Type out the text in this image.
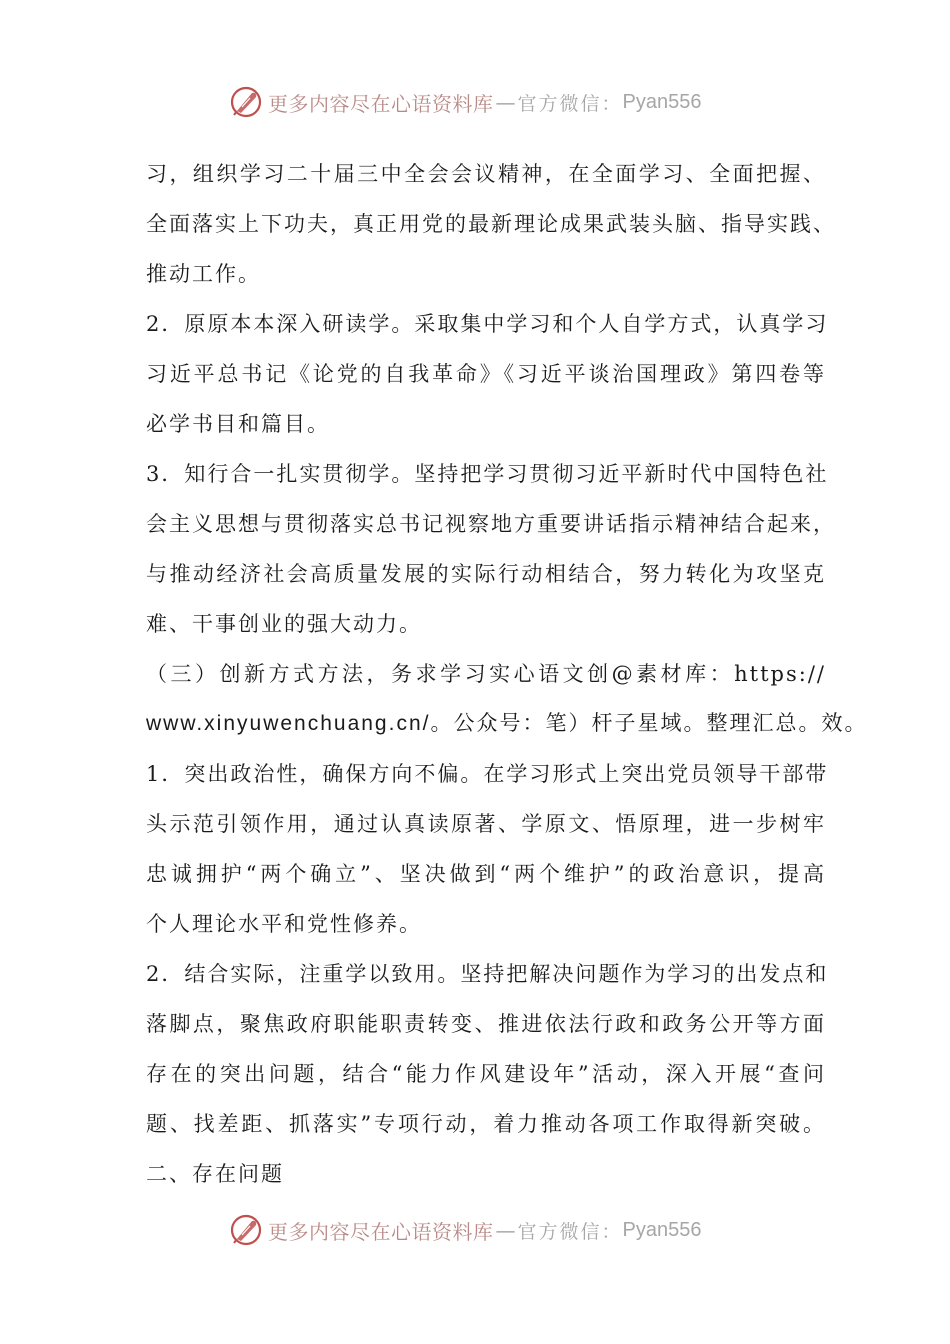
更多内容尽在心语资料库 — 官方微信： Pyan556
习，组织学习二十届三中全会会议精神，在全面学习、全面把握、
全面落实上下功夫，真正用党的最新理论成果武装头脑、指导实践、
推动工作。
2．原原本本深入研读学。采取集中学习和个人自学方式，认真学习
习近平总书记《论党的自我革命》《习近平谈治国理政》第四卷等
必学书目和篇目。
3．知行合一扎实贯彻学。坚持把学习贯彻习近平新时代中国特色社
会主义思想与贯彻落实总书记视察地方重要讲话指示精神结合起来，
与推动经济社会高质量发展的实际行动相结合，努力转化为攻坚克
难、干事创业的强大动力。
（三）创新方式方法，务求学习实心语文创@素材库：https://
www.xinyuwenchuang.cn/。公众号：笔）杆子星域。整理汇总。效。
1．突出政治性，确保方向不偏。在学习形式上突出党员领导干部带
头示范引领作用，通过认真读原著、学原文、悟原理，进一步树牢
忠诚拥护“两个确立”、坚决做到“两个维护”的政治意识，提高
个人理论水平和党性修养。
2．结合实际，注重学以致用。坚持把解决问题作为学习的出发点和
落脚点，聚焦政府职能职责转变、推进依法行政和政务公开等方面
存在的突出问题，结合“能力作风建设年”活动，深入开展“查问
题、找差距、抓落实”专项行动，着力推动各项工作取得新突破。
二、存在问题
更多内容尽在心语资料库 — 官方微信： Pyan556
